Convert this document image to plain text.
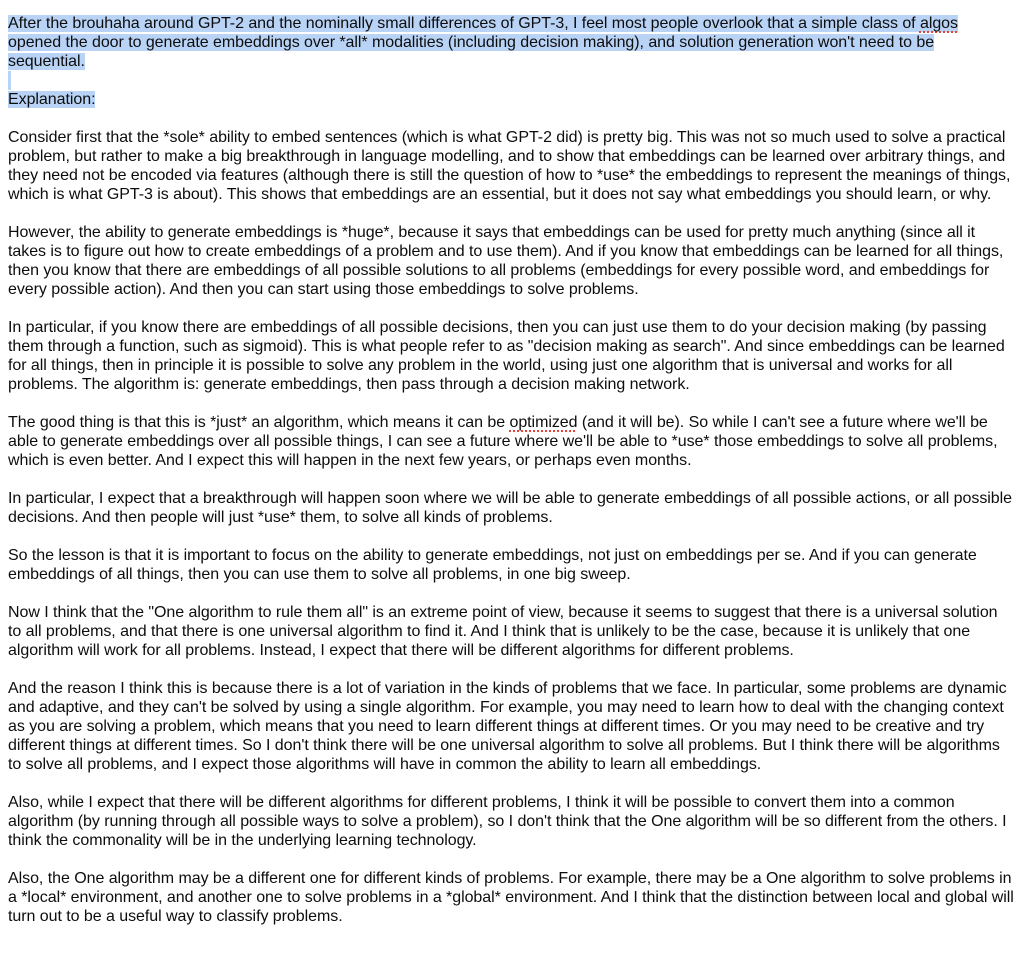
After the brouhaha around GPT-2 and the nominally small differences of GPT-3, I feel most people overlook that a simple class of algos opened the door to generate embeddings over *all* modalities (including decision making), and solution generation won't need to be sequential.

Explanation:

Consider first that the *sole* ability to embed sentences (which is what GPT-2 did) is pretty big. This was not so much used to solve a practical problem, but rather to make a big breakthrough in language modelling, and to show that embeddings can be learned over arbitrary things, and they need not be encoded via features (although there is still the question of how to *use* the embeddings to represent the meanings of things, which is what GPT-3 is about). This shows that embeddings are an essential, but it does not say what embeddings you should learn, or why.

However, the ability to generate embeddings is *huge*, because it says that embeddings can be used for pretty much anything (since all it takes is to figure out how to create embeddings of a problem and to use them). And if you know that embeddings can be learned for all things, then you know that there are embeddings of all possible solutions to all problems (embeddings for every possible word, and embeddings for every possible action). And then you can start using those embeddings to solve problems.

In particular, if you know there are embeddings of all possible decisions, then you can just use them to do your decision making (by passing them through a function, such as sigmoid). This is what people refer to as "decision making as search". And since embeddings can be learned for all things, then in principle it is possible to solve any problem in the world, using just one algorithm that is universal and works for all problems. The algorithm is: generate embeddings, then pass through a decision making network.

The good thing is that this is *just* an algorithm, which means it can be optimized (and it will be). So while I can't see a future where we'll be able to generate embeddings over all possible things, I can see a future where we'll be able to *use* those embeddings to solve all problems, which is even better. And I expect this will happen in the next few years, or perhaps even months.

In particular, I expect that a breakthrough will happen soon where we will be able to generate embeddings of all possible actions, or all possible decisions. And then people will just *use* them, to solve all kinds of problems.

So the lesson is that it is important to focus on the ability to generate embeddings, not just on embeddings per se. And if you can generate embeddings of all things, then you can use them to solve all problems, in one big sweep.

Now I think that the "One algorithm to rule them all" is an extreme point of view, because it seems to suggest that there is a universal solution to all problems, and that there is one universal algorithm to find it. And I think that is unlikely to be the case, because it is unlikely that one algorithm will work for all problems. Instead, I expect that there will be different algorithms for different problems.

And the reason I think this is because there is a lot of variation in the kinds of problems that we face. In particular, some problems are dynamic and adaptive, and they can't be solved by using a single algorithm. For example, you may need to learn how to deal with the changing context as you are solving a problem, which means that you need to learn different things at different times. Or you may need to be creative and try different things at different times. So I don't think there will be one universal algorithm to solve all problems. But I think there will be algorithms to solve all problems, and I expect those algorithms will have in common the ability to learn all embeddings.

Also, while I expect that there will be different algorithms for different problems, I think it will be possible to convert them into a common algorithm (by running through all possible ways to solve a problem), so I don't think that the One algorithm will be so different from the others. I think the commonality will be in the underlying learning technology.

Also, the One algorithm may be a different one for different kinds of problems. For example, there may be a One algorithm to solve problems in a *local* environment, and another one to solve problems in a *global* environment. And I think that the distinction between local and global will turn out to be a useful way to classify problems.
